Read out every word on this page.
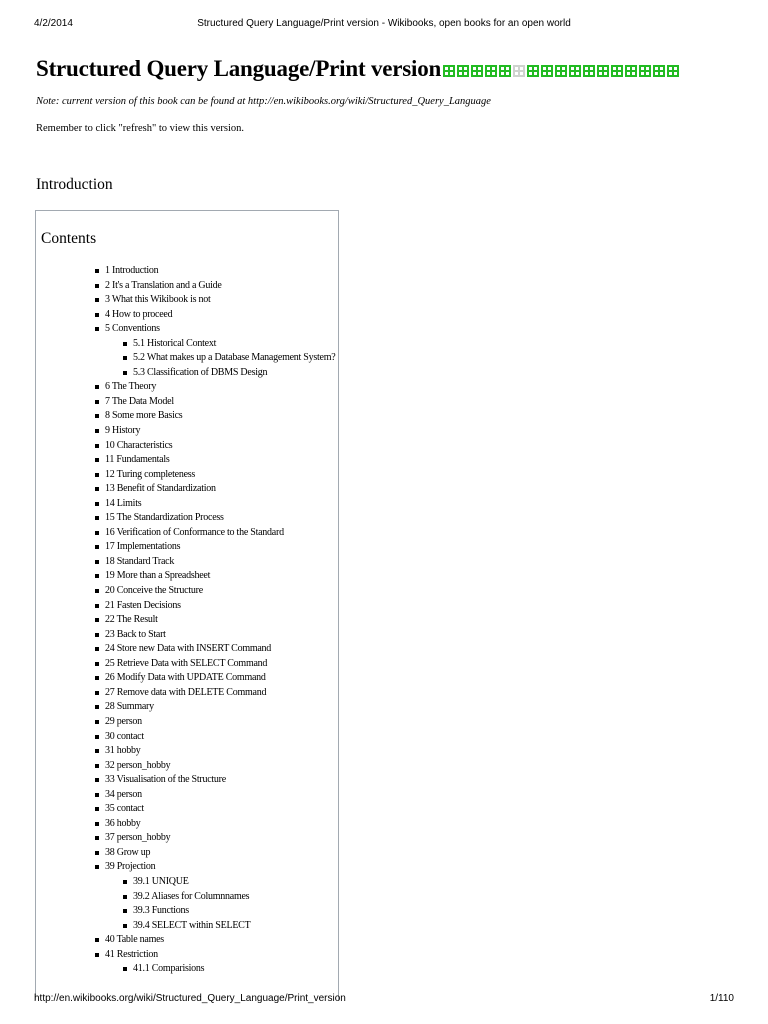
4/2/2014	Structured Query Language/Print version - Wikibooks, open books for an open world
Structured Query Language/Print version
Note: current version of this book can be found at http://en.wikibooks.org/wiki/Structured_Query_Language
Remember to click "refresh" to view this version.
Introduction
Contents
1 Introduction
2 It's a Translation and a Guide
3 What this Wikibook is not
4 How to proceed
5 Conventions
5.1 Historical Context
5.2 What makes up a Database Management System?
5.3 Classification of DBMS Design
6 The Theory
7 The Data Model
8 Some more Basics
9 History
10 Characteristics
11 Fundamentals
12 Turing completeness
13 Benefit of Standardization
14 Limits
15 The Standardization Process
16 Verification of Conformance to the Standard
17 Implementations
18 Standard Track
19 More than a Spreadsheet
20 Conceive the Structure
21 Fasten Decisions
22 The Result
23 Back to Start
24 Store new Data with INSERT Command
25 Retrieve Data with SELECT Command
26 Modify Data with UPDATE Command
27 Remove data with DELETE Command
28 Summary
29 person
30 contact
31 hobby
32 person_hobby
33 Visualisation of the Structure
34 person
35 contact
36 hobby
37 person_hobby
38 Grow up
39 Projection
39.1 UNIQUE
39.2 Aliases for Columnnames
39.3 Functions
39.4 SELECT within SELECT
40 Table names
41 Restriction
41.1 Comparisions
http://en.wikibooks.org/wiki/Structured_Query_Language/Print_version	1/110
